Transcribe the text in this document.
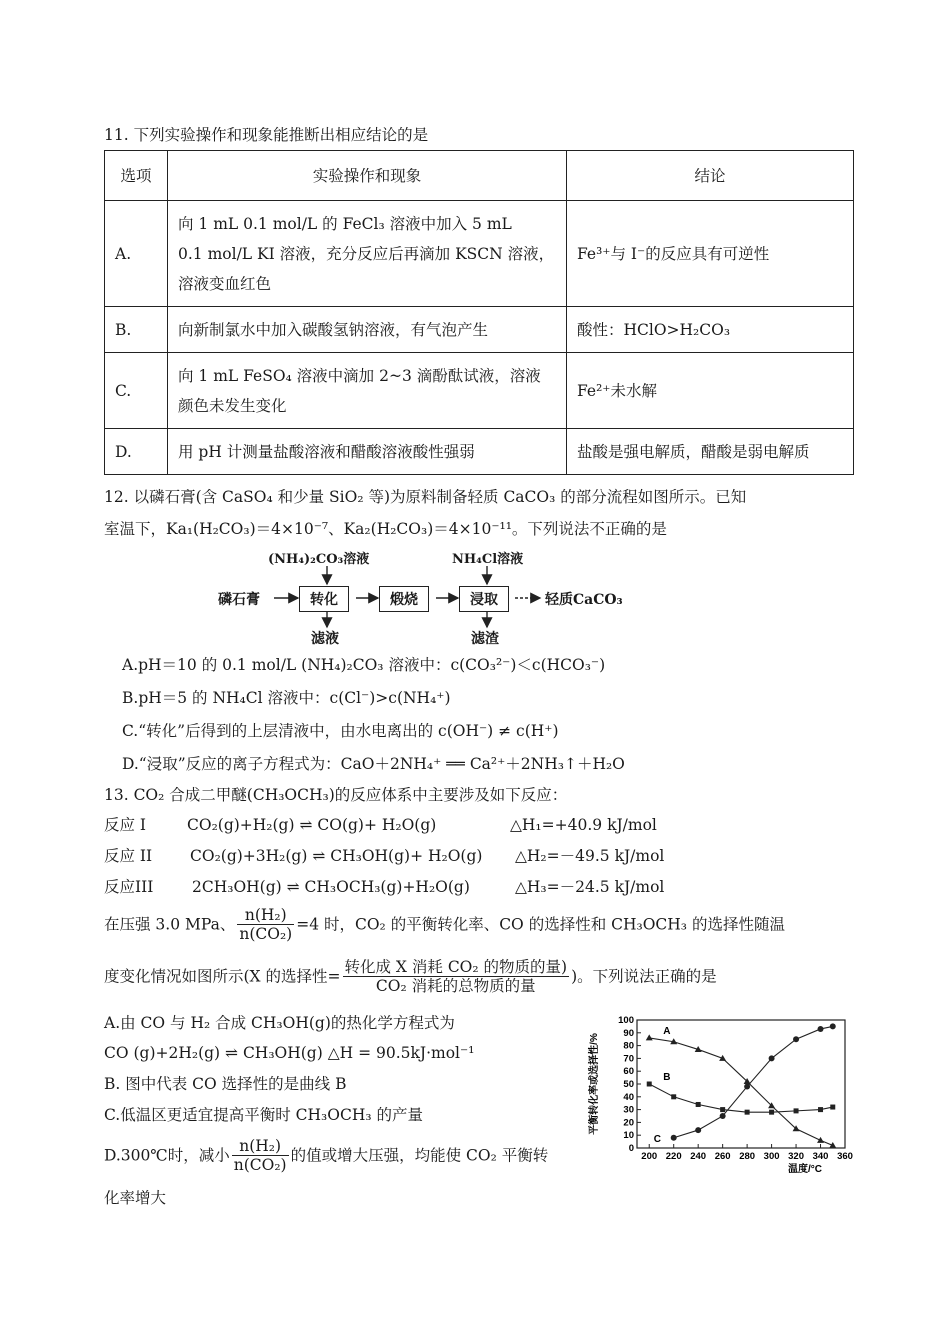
11. 下列实验操作和现象能推断出相应结论的是
选项	实验操作和现象	结论
A.	向 1 mL 0.1 mol/L 的 FeCl₃ 溶液中加入 5 mL
0.1 mol/L KI 溶液，充分反应后再滴加 KSCN 溶液，
溶液变血红色	Fe³⁺与 I⁻的反应具有可逆性
B.	向新制氯水中加入碳酸氢钠溶液，有气泡产生	酸性：HClO>H₂CO₃
C.	向 1 mL FeSO₄ 溶液中滴加 2~3 滴酚酞试液，溶液
颜色未发生变化	Fe²⁺未水解
D.	用 pH 计测量盐酸溶液和醋酸溶液酸性强弱	盐酸是强电解质，醋酸是弱电解质
12. 以磷石膏(含 CaSO₄ 和少量 SiO₂ 等)为原料制备轻质 CaCO₃ 的部分流程如图所示。已知
室温下，Ka₁(H₂CO₃)＝4×10⁻⁷、Ka₂(H₂CO₃)＝4×10⁻¹¹。下列说法不正确的是
(NH₄)₂CO₃溶液	NH₄Cl溶液
磷石膏	转化	煅烧	浸取	轻质CaCO₃
滤液	滤渣
A.pH＝10 的 0.1 mol/L (NH₄)₂CO₃ 溶液中：c(CO₃²⁻)＜c(HCO₃⁻)
B.pH＝5 的 NH₄Cl 溶液中：c(Cl⁻)>c(NH₄⁺)
C.“转化”后得到的上层清液中，由水电离出的 c(OH⁻) ≠ c(H⁺)
D.“浸取”反应的离子方程式为：CaO＋2NH₄⁺ ══ Ca²⁺＋2NH₃↑＋H₂O
13. CO₂ 合成二甲醚(CH₃OCH₃)的反应体系中主要涉及如下反应：
反应 I	CO₂(g)+H₂(g) ⇌ CO(g)+ H₂O(g)	△H₁=+40.9 kJ/mol
反应 II CO₂(g)+3H₂(g) ⇌ CH₃OH(g)+ H₂O(g) △H₂=－49.5 kJ/mol
反应III 2CH₃OH(g) ⇌ CH₃OCH₃(g)+H₂O(g)	△H₃=－24.5 kJ/mol
在压强 3.0 MPa、 $\frac{\text{n(H₂)}}{\text{n(CO₂)}} =4$ 时，CO₂ 的平衡转化率、CO 的选择性和 CH₃OCH₃ 的选择性随温
度变化情况如图所示(X 的选择性= $\frac{\text{转化成 X 消耗 CO₂ 的物质的量)}}{\text{CO₂ 消耗的总物质的量}}$ )。下列说法正确的是
A.由 CO 与 H₂ 合成 CH₃OH(g)的热化学方程式为
CO (g)+2H₂(g) ⇌ CH₃OH(g) △H = 90.5kJ·mol⁻¹
B. 图中代表 CO 选择性的是曲线 B
C.低温区更适宜提高平衡时 CH₃OCH₃ 的产量
D.300℃时，减小 $\frac{\text{n(H₂)}}{\text{n(CO₂)}}$ 的值或增大压强，均能使 CO₂ 平衡转
化率增大
0
10
20
30
40
50
60
70
80
90
100
200 220 240 260 280 300 320 340 360
温度/°C
平衡转化率或选择性/%
A
B
C
